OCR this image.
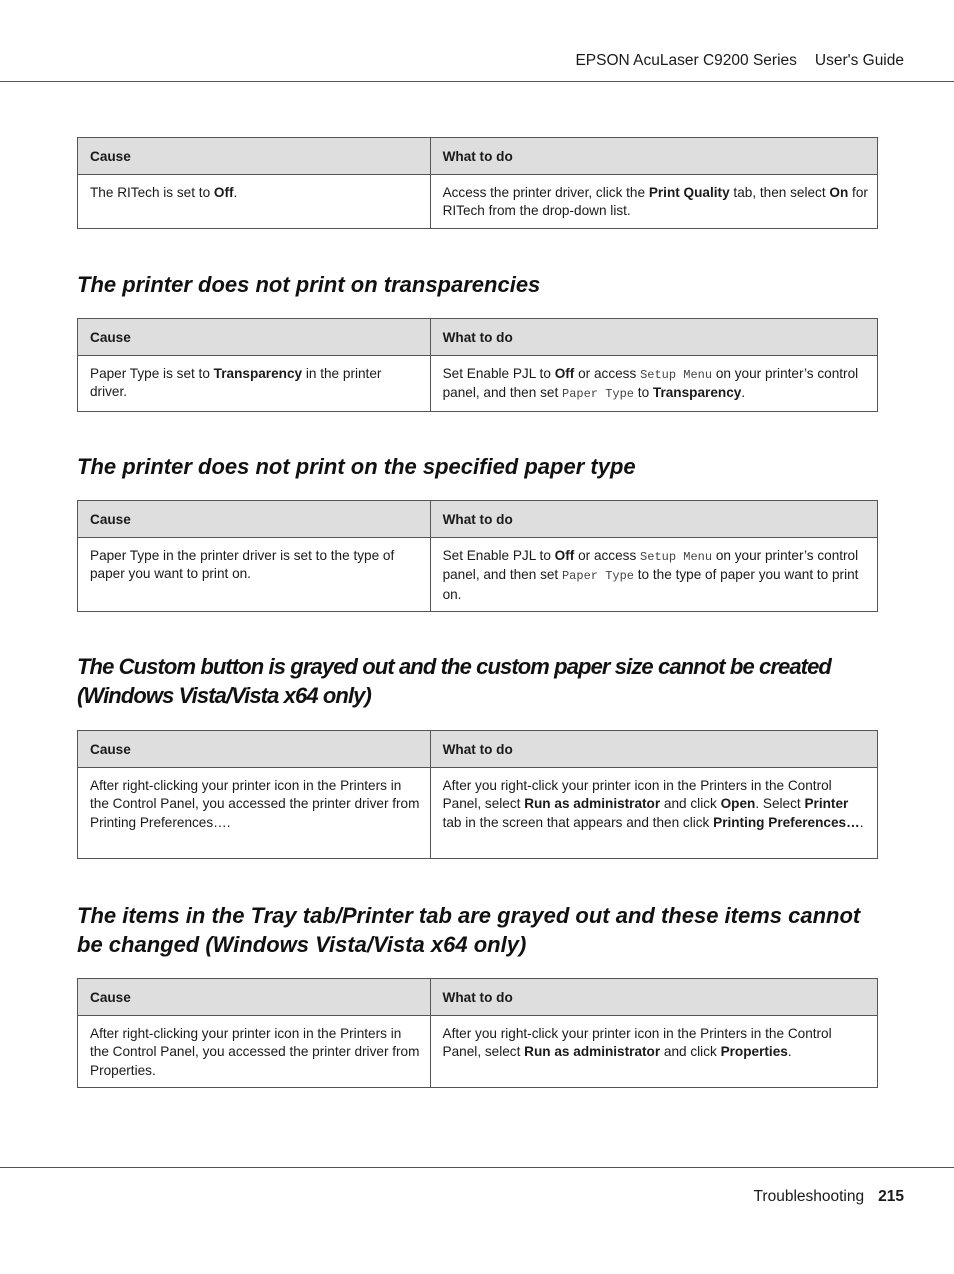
EPSON AcuLaser C9200 Series User's Guide
Cause	What to do
The RITech is set to Off.	Access the printer driver, click the Print Quality tab, then select On for RITech from the drop-down list.
The printer does not print on transparencies
Cause	What to do
Paper Type is set to Transparency in the printer driver.	Set Enable PJL to Off or access Setup Menu on your printer’s control panel, and then set Paper Type to Transparency.
The printer does not print on the specified paper type
Cause	What to do
Paper Type in the printer driver is set to the type of paper you want to print on.	Set Enable PJL to Off or access Setup Menu on your printer’s control panel, and then set Paper Type to the type of paper you want to print on.
The Custom button is grayed out and the custom paper size cannot be created (Windows Vista/Vista x64 only)
Cause	What to do
After right-clicking your printer icon in the Printers in the Control Panel, you accessed the printer driver from Printing Preferences….	After you right-click your printer icon in the Printers in the Control Panel, select Run as administrator and click Open. Select Printer tab in the screen that appears and then click Printing Preferences….
The items in the Tray tab/Printer tab are grayed out and these items cannot be changed (Windows Vista/Vista x64 only)
Cause	What to do
After right-clicking your printer icon in the Printers in the Control Panel, you accessed the printer driver from Properties.	After you right-click your printer icon in the Printers in the Control Panel, select Run as administrator and click Properties.
Troubleshooting 215
